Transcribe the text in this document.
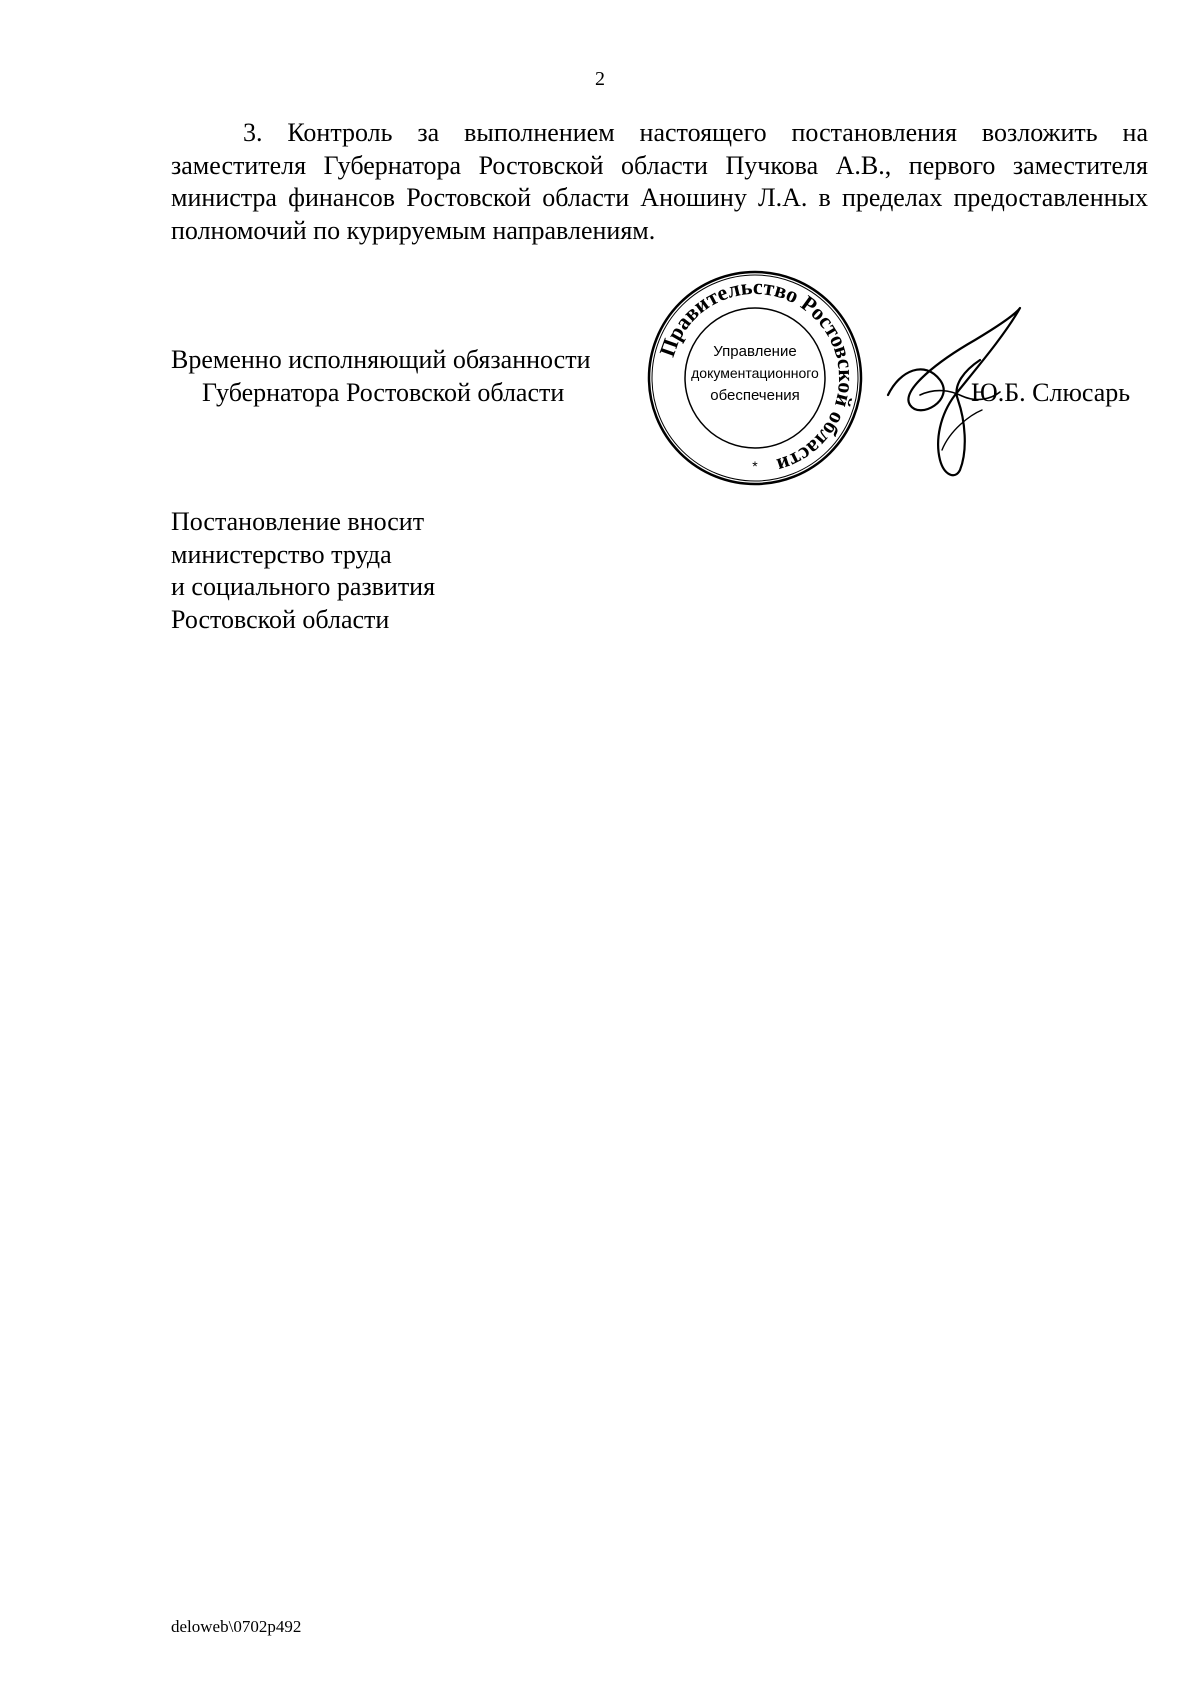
2

3. Контроль за выполнением настоящего постановления возложить на заместителя Губернатора Ростовской области Пучкова А.В., первого заместителя министра финансов Ростовской области Аношину Л.А. в пределах предоставленных полномочий по курируемым направлениям.

Временно исполняющий обязанности
Губернатора Ростовской области
Правительство Ростовской области
Управление
документационного
обеспечения
*
Ю.Б. Слюсарь
Постановление вносит
министерство труда
и социального развития
Ростовской области
deloweb\0702p492
